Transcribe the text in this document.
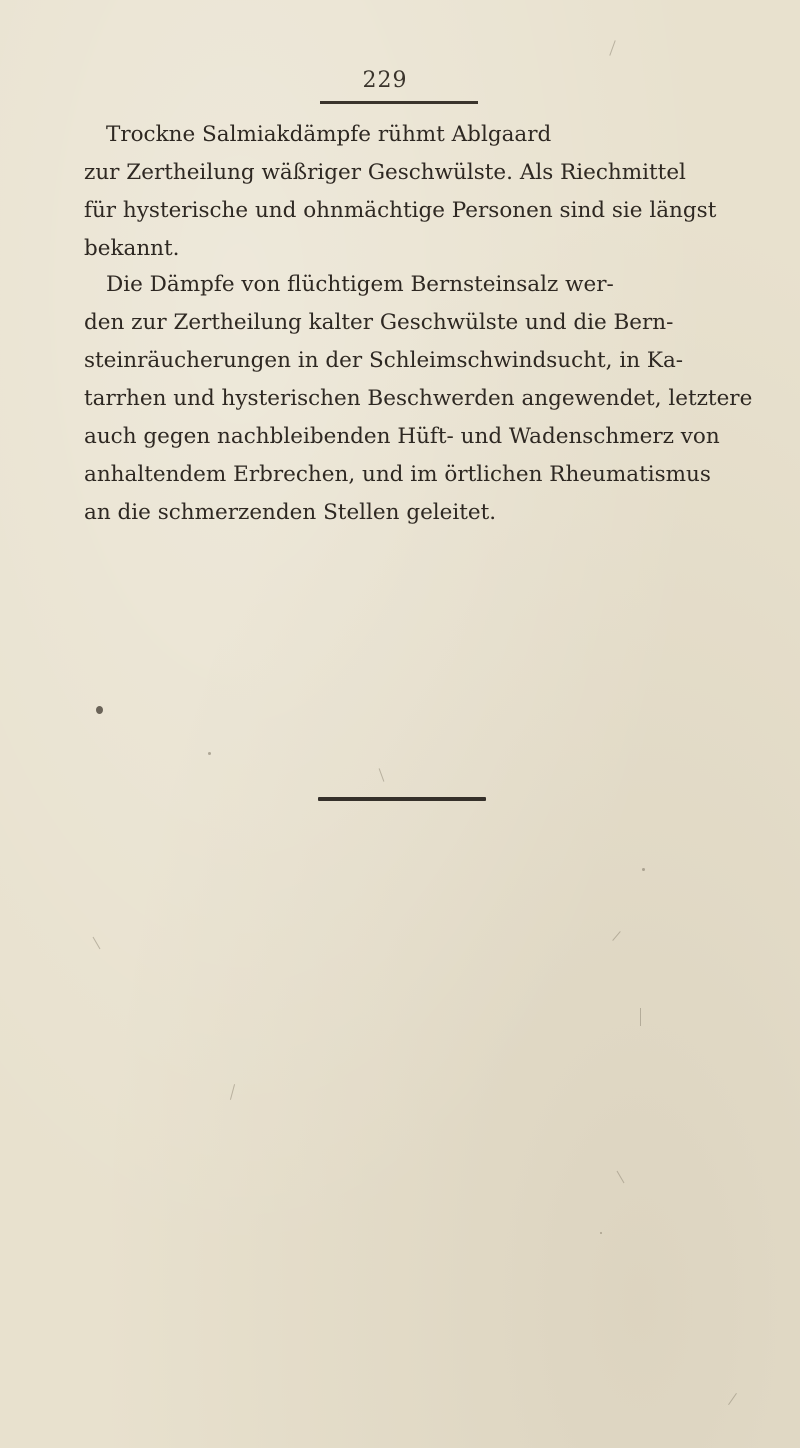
229

Trockne Salmiakdämpfe rühmt Ablgaard
zur Zertheilung wäßriger Geschwülste. Als Riechmittel
für hysterische und ohnmächtige Personen sind sie längst
bekannt.

Die Dämpfe von flüchtigem Bernsteinsalz wer-
den zur Zertheilung kalter Geschwülste und die Bern-
steinräucherungen in der Schleimschwindsucht, in Ka-
tarrhen und hysterischen Beschwerden angewendet, letztere
auch gegen nachbleibenden Hüft- und Wadenschmerz von
anhaltendem Erbrechen, und im örtlichen Rheumatismus
an die schmerzenden Stellen geleitet.
